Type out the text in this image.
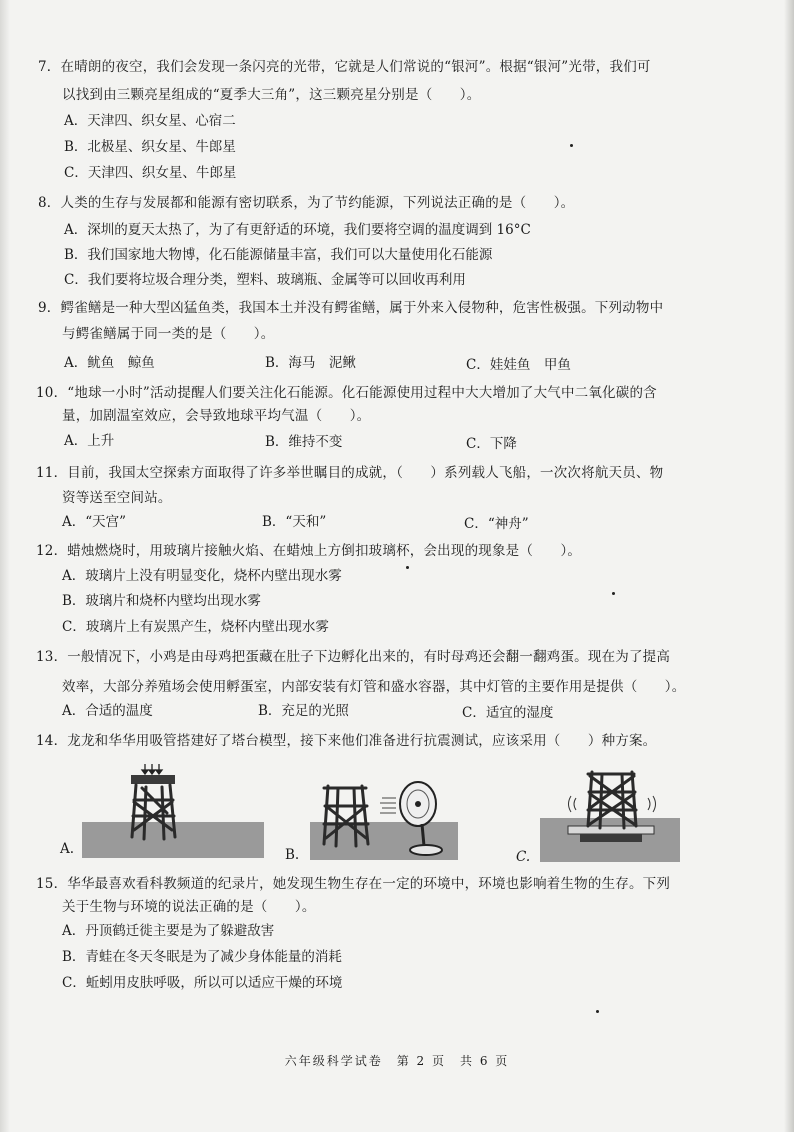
7．在晴朗的夜空，我们会发现一条闪亮的光带，它就是人们常说的“银河”。根据“银河”光带，我们可
以找到由三颗亮星组成的“夏季大三角”，这三颗亮星分别是（　　）。
A．天津四、织女星、心宿二
B．北极星、织女星、牛郎星
C．天津四、织女星、牛郎星
8．人类的生存与发展都和能源有密切联系，为了节约能源，下列说法正确的是（　　）。
A．深圳的夏天太热了，为了有更舒适的环境，我们要将空调的温度调到 16°C
B．我们国家地大物博，化石能源储量丰富，我们可以大量使用化石能源
C．我们要将垃圾合理分类，塑料、玻璃瓶、金属等可以回收再利用
9．鳄雀鳝是一种大型凶猛鱼类，我国本土并没有鳄雀鳝，属于外来入侵物种，危害性极强。下列动物中
与鳄雀鳝属于同一类的是（　　）。
A．鱿鱼　鲸鱼	B．海马　泥鳅	C．娃娃鱼　甲鱼
10．“地球一小时”活动提醒人们要关注化石能源。化石能源使用过程中大大增加了大气中二氧化碳的含
量，加剧温室效应，会导致地球平均气温（　　）。
A．上升	B．维持不变	C．下降
11．目前，我国太空探索方面取得了许多举世瞩目的成就，（　　）系列载人飞船，一次次将航天员、物
资等送至空间站。
A．“天宫”	B．“天和”	C．“神舟”
12．蜡烛燃烧时，用玻璃片接触火焰、在蜡烛上方倒扣玻璃杯，会出现的现象是（　　）。
A．玻璃片上没有明显变化，烧杯内壁出现水雾
B．玻璃片和烧杯内壁均出现水雾
C．玻璃片上有炭黑产生，烧杯内壁出现水雾
13．一般情况下，小鸡是由母鸡把蛋藏在肚子下边孵化出来的，有时母鸡还会翻一翻鸡蛋。现在为了提高
效率，大部分养殖场会使用孵蛋室，内部安装有灯管和盛水容器，其中灯管的主要作用是提供（　　）。
A．合适的温度	B．充足的光照	C．适宜的湿度
14．龙龙和华华用吸管搭建好了塔台模型，接下来他们准备进行抗震测试，应该采用（　　）种方案。
A.	B.	C.
15．华华最喜欢看科教频道的纪录片，她发现生物生存在一定的环境中，环境也影响着生物的生存。下列
关于生物与环境的说法正确的是（　　）。
A．丹顶鹤迁徙主要是为了躲避敌害
B．青蛙在冬天冬眠是为了减少身体能量的消耗
C．蚯蚓用皮肤呼吸，所以可以适应干燥的环境
六年级科学试卷　第 2 页　共 6 页
